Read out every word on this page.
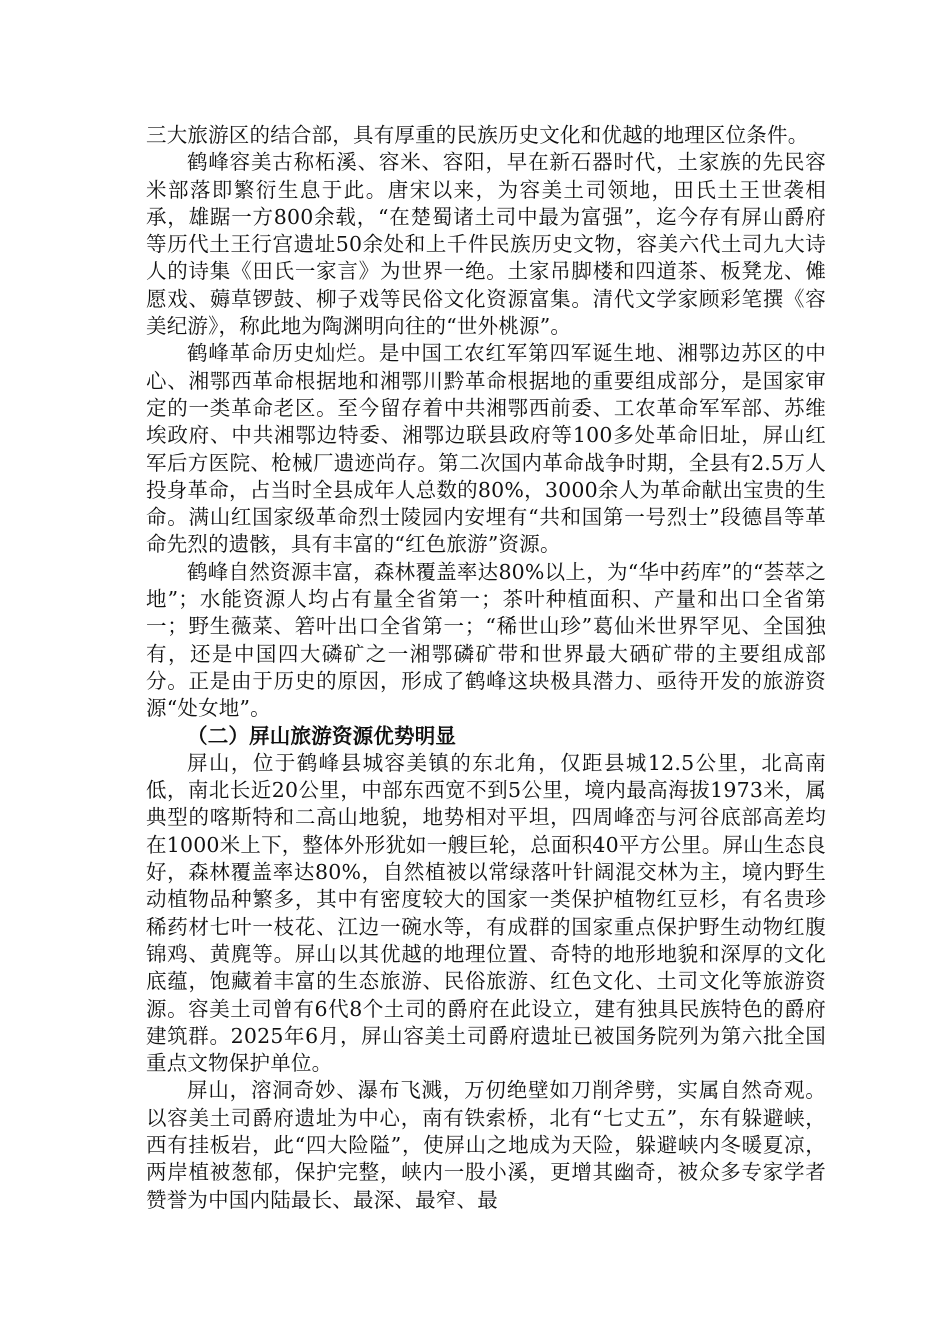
三大旅游区的结合部，具有厚重的民族历史文化和优越的地理区位条件。

鹤峰容美古称柘溪、容米、容阳，早在新石器时代，土家族的先民容米部落即繁衍生息于此。唐宋以来，为容美土司领地，田氏土王世袭相承，雄踞一方800余载，“在楚蜀诸土司中最为富强”，迄今存有屏山爵府等历代土王行宫遗址50余处和上千件民族历史文物，容美六代土司九大诗人的诗集《田氏一家言》为世界一绝。土家吊脚楼和四道茶、板凳龙、傩愿戏、薅草锣鼓、柳子戏等民俗文化资源富集。清代文学家顾彩笔撰《容美纪游》，称此地为陶渊明向往的“世外桃源”。

鹤峰革命历史灿烂。是中国工农红军第四军诞生地、湘鄂边苏区的中心、湘鄂西革命根据地和湘鄂川黔革命根据地的重要组成部分，是国家审定的一类革命老区。至今留存着中共湘鄂西前委、工农革命军军部、苏维埃政府、中共湘鄂边特委、湘鄂边联县政府等100多处革命旧址，屏山红军后方医院、枪械厂遗迹尚存。第二次国内革命战争时期，全县有2.5万人投身革命，占当时全县成年人总数的80%，3000余人为革命献出宝贵的生命。满山红国家级革命烈士陵园内安埋有“共和国第一号烈士”段德昌等革命先烈的遗骸，具有丰富的“红色旅游”资源。

鹤峰自然资源丰富，森林覆盖率达80%以上，为“华中药库”的“荟萃之地”；水能资源人均占有量全省第一；茶叶种植面积、产量和出口全省第一；野生薇菜、箬叶出口全省第一；“稀世山珍”葛仙米世界罕见、全国独有，还是中国四大磷矿之一湘鄂磷矿带和世界最大硒矿带的主要组成部分。正是由于历史的原因，形成了鹤峰这块极具潜力、亟待开发的旅游资源“处女地”。

（二）屏山旅游资源优势明显

屏山，位于鹤峰县城容美镇的东北角，仅距县城12.5公里，北高南低，南北长近20公里，中部东西宽不到5公里，境内最高海拔1973米，属典型的喀斯特和二高山地貌，地势相对平坦，四周峰峦与河谷底部高差均在1000米上下，整体外形犹如一艘巨轮，总面积40平方公里。屏山生态良好，森林覆盖率达80%，自然植被以常绿落叶针阔混交林为主，境内野生动植物品种繁多，其中有密度较大的国家一类保护植物红豆杉，有名贵珍稀药材七叶一枝花、江边一碗水等，有成群的国家重点保护野生动物红腹锦鸡、黄麂等。屏山以其优越的地理位置、奇特的地形地貌和深厚的文化底蕴，饱藏着丰富的生态旅游、民俗旅游、红色文化、土司文化等旅游资源。容美土司曾有6代8个土司的爵府在此设立，建有独具民族特色的爵府建筑群。2025年6月，屏山容美土司爵府遗址已被国务院列为第六批全国重点文物保护单位。

屏山，溶洞奇妙、瀑布飞溅，万仞绝壁如刀削斧劈，实属自然奇观。以容美土司爵府遗址为中心，南有铁索桥，北有“七丈五”，东有躲避峡，西有挂板岩，此“四大险隘”，使屏山之地成为天险，躲避峡内冬暖夏凉，两岸植被葱郁，保护完整，峡内一股小溪，更增其幽奇，被众多专家学者赞誉为中国内陆最长、最深、最窄、最
